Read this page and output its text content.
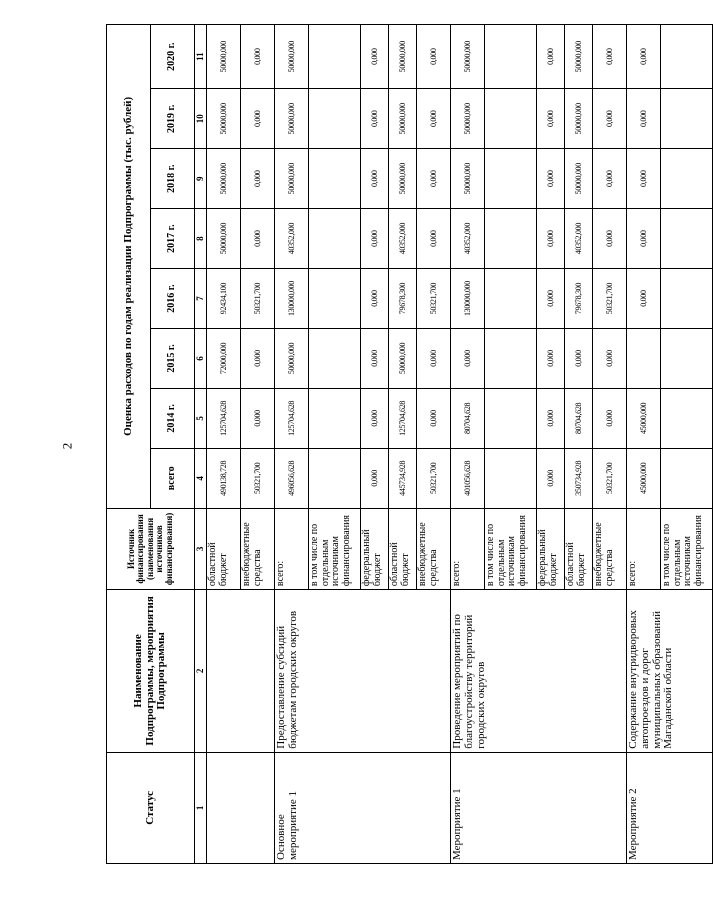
2
Статус	Наименование Подпрограммы, мероприятия Подпрограммы	Источник финансирования (наименования источников финансирования)	Оценка расходов по годам реализации Подпрограммы (тыс. рублей)							
			всего	2014 г.	2015 г.	2016 г.	2017 г.	2018 г.	2019 г.	2020 г.
1	2	3	4	5	6	7	8	9	10	11
		областной бюджет	490138,728	125704,628	72000,000	92434,100	50000,000	50000,000	50000,000	50000,000
		внебюджетные средства	50321,700	0,000	0,000	50321,700	0,000	0,000	0,000	0,000
Основное мероприятие 1	Предоставление субсидий бюджетам городских округов	всего:	496056,628	125704,628	50000,000	130000,000	40352,000	50000,000	50000,000	50000,000
		в том числе по отдельным источникам финансирования								
		федеральный бюджет	0,000	0,000	0,000	0,000	0,000	0,000	0,000	0,000
		областной бюджет	445734,928	125704,628	50000,000	79678,300	40352,000	50000,000	50000,000	50000,000
		внебюджетные средства	50321,700	0,000	0,000	50321,700	0,000	0,000	0,000	0,000
Мероприятие 1	Проведение мероприятий по благоустройству территорий городских округов	всего:	401056,628	80704,628	0,000	130000,000	40352,000	50000,000	50000,000	50000,000
		в том числе по отдельным источникам финансирования								
		федеральный бюджет	0,000	0,000	0,000	0,000	0,000	0,000	0,000	0,000
		областной бюджет	350734,928	80704,628	0,000	79678,300	40352,000	50000,000	50000,000	50000,000
		внебюджетные средства	50321,700	0,000	0,000	50321,700	0,000	0,000	0,000	0,000
Мероприятие 2	Содержание внутридворовых автопроездов и дорог муниципальных образований Магаданской области	всего:	45000,000	45000,000		0,000	0,000	0,000	0,000	0,000
		в том числе по отдельным источникам финансирования								
